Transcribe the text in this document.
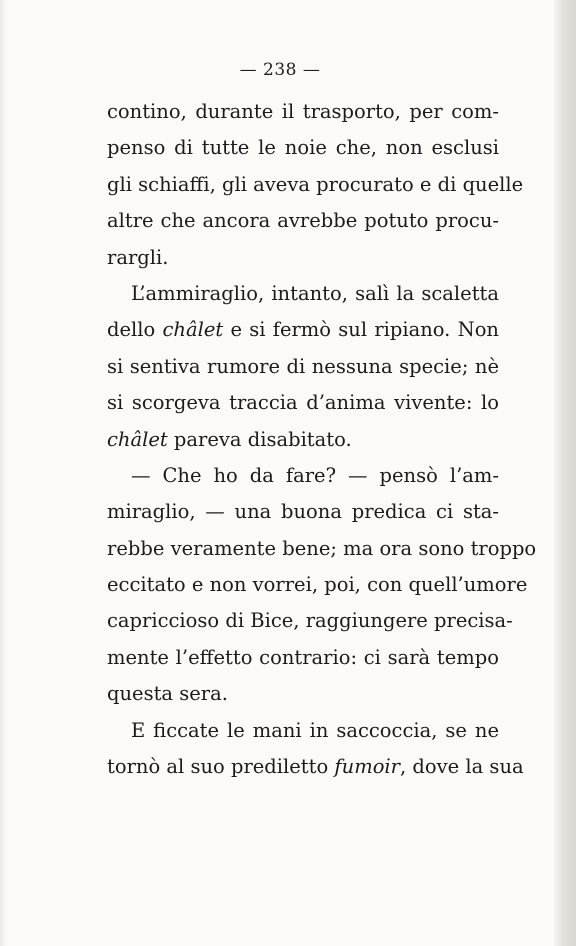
— 238 —
contino, durante il trasporto, per com-
penso di tutte le noie che, non esclusi
gli schiaffi, gli aveva procurato e di quelle
altre che ancora avrebbe potuto procu-
rargli.
L’ammiraglio, intanto, salì la scaletta
dello châlet e si fermò sul ripiano. Non
si sentiva rumore di nessuna specie; nè
si scorgeva traccia d’anima vivente: lo
châlet pareva disabitato.
— Che ho da fare? — pensò l’am-
miraglio, — una buona predica ci sta-
rebbe veramente bene; ma ora sono troppo
eccitato e non vorrei, poi, con quell’umore
capriccioso di Bice, raggiungere precisa-
mente l’effetto contrario: ci sarà tempo
questa sera.
E ficcate le mani in saccoccia, se ne
tornò al suo prediletto fumoir, dove la sua
